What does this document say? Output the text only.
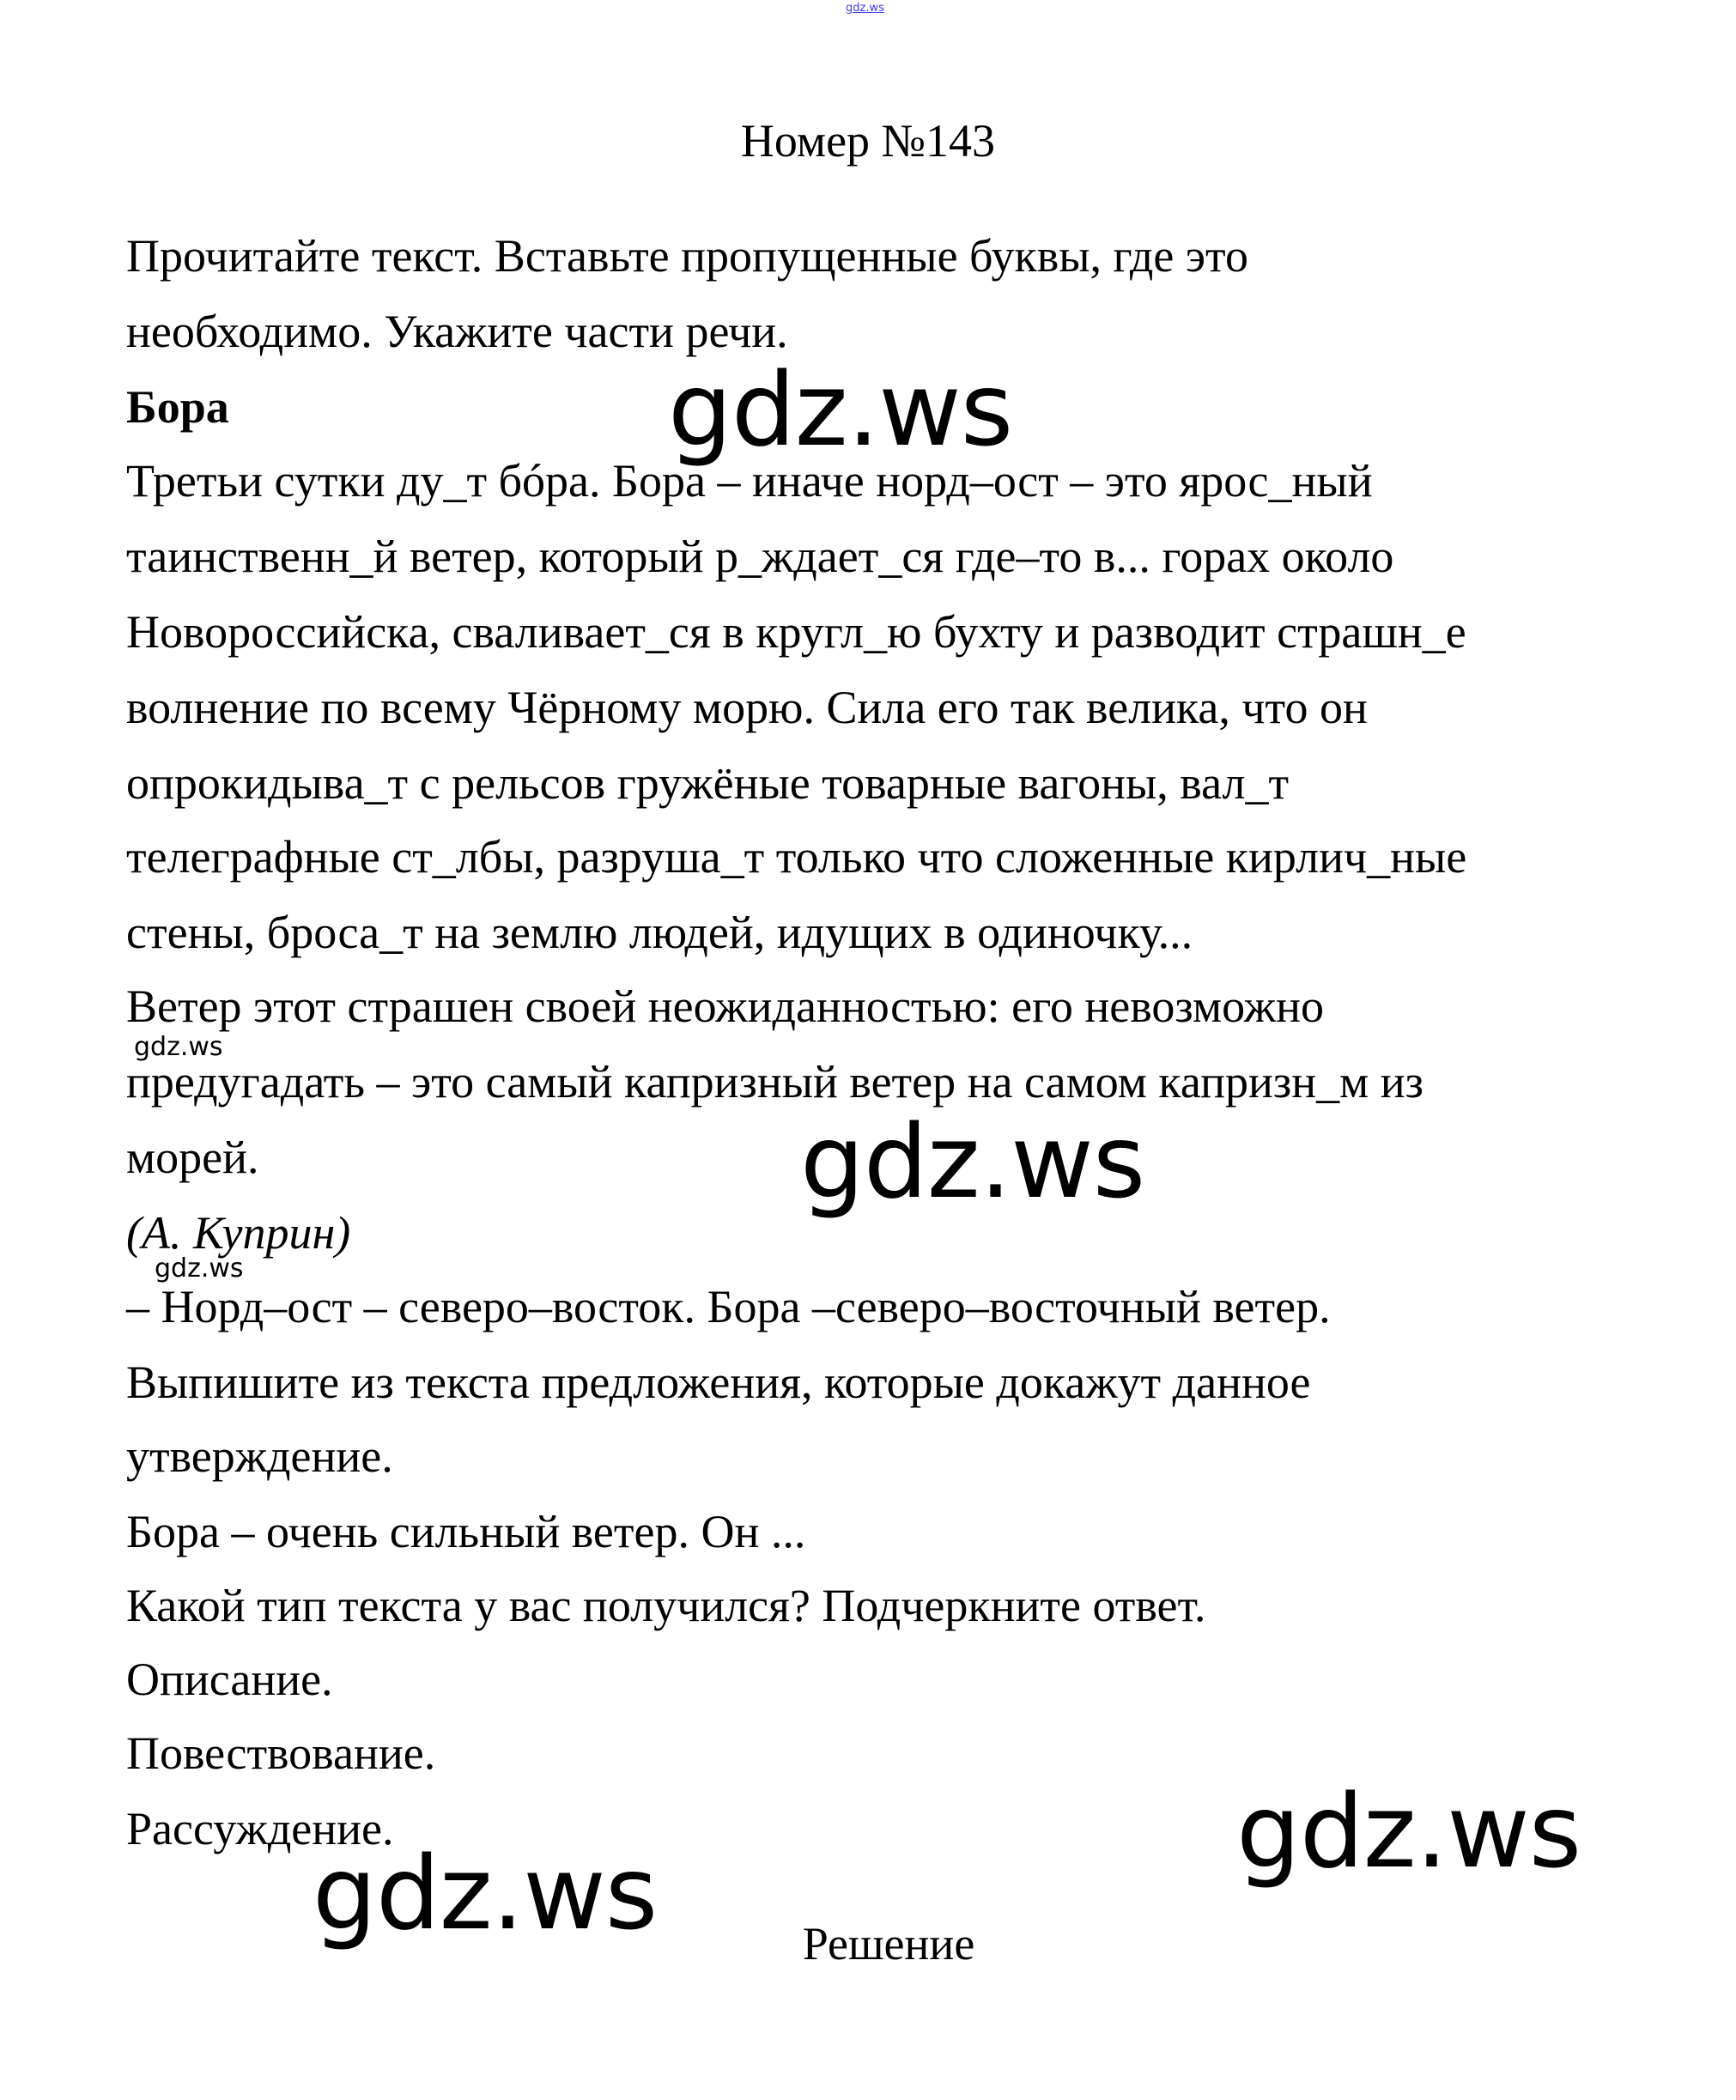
gdz.ws
Номер №143
Прочитайте текст. Вставьте пропущенные буквы, где это
необходимо. Укажите части речи.
Бора
Третьи сутки ду_т бóра. Бора – иначе норд–ост – это ярос_ный
таинственн_й ветер, который р_ждает_ся где–то в... горах около
Новороссийска, сваливает_ся в кругл_ю бухту и разводит страшн_е
волнение по всему Чёрному морю. Сила его так велика, что он
опрокидыва_т с рельсов гружёные товарные вагоны, вал_т
телеграфные ст_лбы, разруша_т только что сложенные кирлич_ные
стены, броса_т на землю людей, идущих в одиночку...
Ветер этот страшен своей неожиданностью: его невозможно
предугадать – это самый капризный ветер на самом капризн_м из
морей.
(А. Куприн)
– Норд–ост – северо–восток. Бора –северо–восточный ветер.
Выпишите из текста предложения, которые докажут данное
утверждение.
Бора – очень сильный ветер. Он ...
Какой тип текста у вас получился? Подчеркните ответ.
Описание.
Повествование.
Рассуждение.
Решение
gdz.ws
gdz.ws
gdz.ws
gdz.ws
gdz.ws
gdz.ws
